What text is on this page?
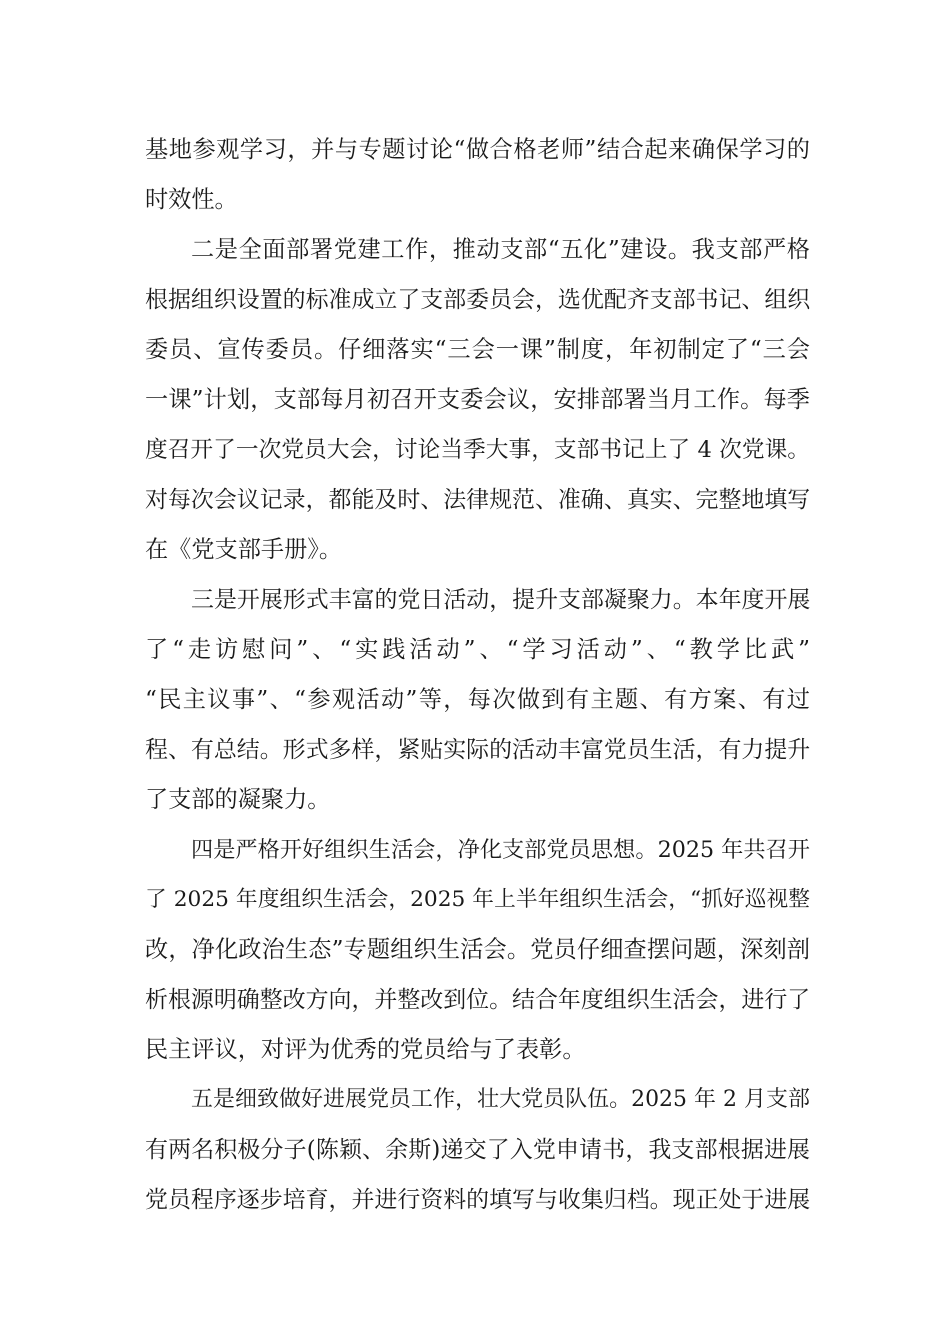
基地参观学习，并与专题讨论“做合格老师”结合起来确保学习的
时效性。
二是全面部署党建工作，推动支部“五化”建设。我支部严格
根据组织设置的标准成立了支部委员会，选优配齐支部书记、组织
委员、宣传委员。仔细落实“三会一课”制度，年初制定了“三会
一课”计划，支部每月初召开支委会议，安排部署当月工作。每季
度召开了一次党员大会，讨论当季大事，支部书记上了 4 次党课。
对每次会议记录，都能及时、法律规范、准确、真实、完整地填写
在《党支部手册》。
三是开展形式丰富的党日活动，提升支部凝聚力。本年度开展
了“走访慰问”、“实践活动”、“学习活动”、“教学比武”
“民主议事”、“参观活动”等，每次做到有主题、有方案、有过
程、有总结。形式多样，紧贴实际的活动丰富党员生活，有力提升
了支部的凝聚力。
四是严格开好组织生活会，净化支部党员思想。2025 年共召开
了 2025 年度组织生活会，2025 年上半年组织生活会，“抓好巡视整
改，净化政治生态”专题组织生活会。党员仔细查摆问题，深刻剖
析根源明确整改方向，并整改到位。结合年度组织生活会，进行了
民主评议，对评为优秀的党员给与了表彰。
五是细致做好进展党员工作，壮大党员队伍。2025 年 2 月支部
有两名积极分子(陈颖、余斯)递交了入党申请书，我支部根据进展
党员程序逐步培育，并进行资料的填写与收集归档。现正处于进展
